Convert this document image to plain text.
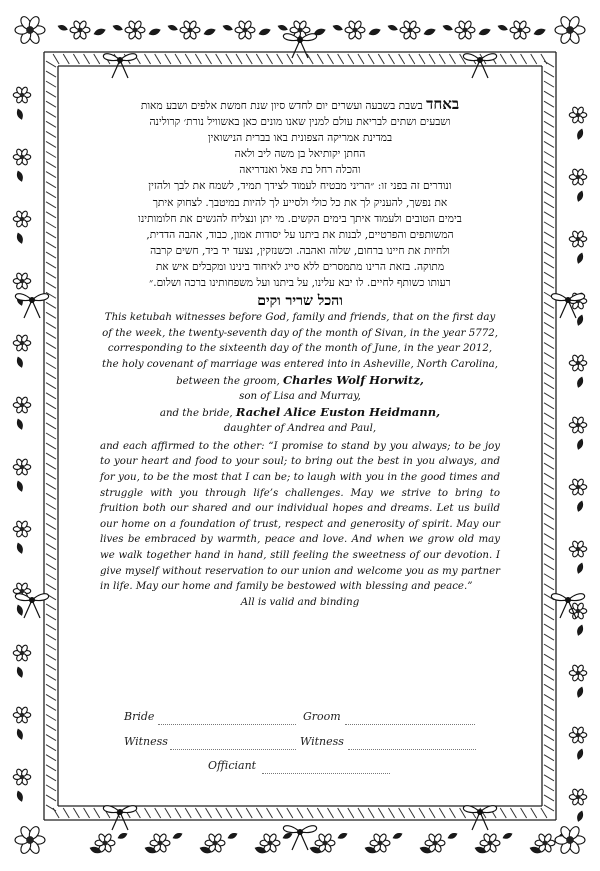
באחד בשבת בשבעה ועשרים יום לחדש סיון שנת חמשת אלפים ושבע מאות
ושבעים ושתים לבריאת עולם למנין שאנו מונים כאן באשוויל נורת׳ קרולינה
במדינת אמריקה הצפונית באו בברית הנישואין
החתן יקותיאל בן משה ליב ולאה
והכלה רחל בת פאל ואנדריאה
ונודרים זה בפני זו: ״הריני מבטיח לעמוד לצידך תמיד, לשמח את לבך ולהזין
את נפשך, להעניק לך את כל כולי ולסייע לך להיות במיטבך. לצחוק איתך
בימים הטובים ולעמוד איתך בימים הקשים. מי יתן ונצליח להגשים את חלומותינו
המשותפים והפרטיים, לבנות את ביתנו על יסודות אמון, כבוד, אהבה הדדית,
ולחיות את חיינו ברחום, שלוה ואהבה. וכשנזקין, נצעד יד ביד, חשים קרבה
מתוקה. בזאת הרינו מתמסרים ללא סייג לאיחוד בינינו ומקבלים איש את
רעותו כשותף לחיים. לו יבא עלינו, על ביתנו ועל משפחותינו ברכה ושלום.״
והכל שריר וקים

This ketubah witnesses before God, family and friends, that on the first day

of the week, the twenty-seventh day of the month of Sivan, in the year 5772,

corresponding to the sixteenth day of the month of June, in the year 2012,

the holy covenant of marriage was entered into in Asheville, North Carolina,

between the groom, Charles Wolf Horwitz,

son of Lisa and Murray,

and the bride, Rachel Alice Euston Heidmann,

daughter of Andrea and Paul,

and each affirmed to the other: “I promise to stand by you always; to be joy to your heart and food to your soul; to bring out the best in you always, and for you, to be the most that I can be; to laugh with you in the good times and struggle with you through life’s challenges. May we strive to bring to fruition both our shared and our individual hopes and dreams. Let us build our home on a foundation of trust, respect and generosity of spirit. May our lives be embraced by warmth, peace and love. And when we grow old may we walk together hand in hand, still feeling the sweetness of our devotion. I give myself without reservation to our union and welcome you as my partner in life. May our home and family be bestowed with blessing and peace.”

All is valid and binding

Bride	Groom
Witness	Witness
Officiant
